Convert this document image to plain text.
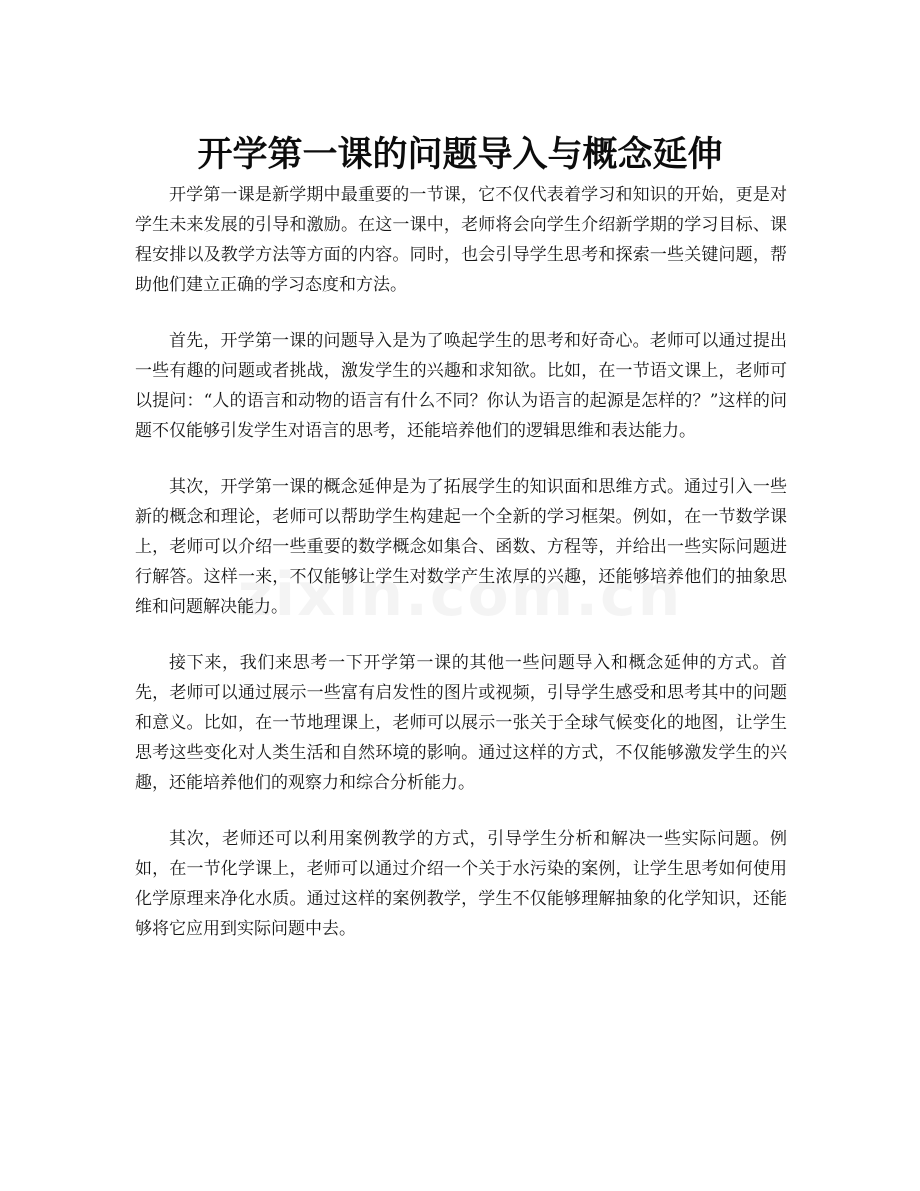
开学第一课的问题导入与概念延伸

开学第一课是新学期中最重要的一节课，它不仅代表着学习和知识的开始，更是对学生未来发展的引导和激励。在这一课中，老师将会向学生介绍新学期的学习目标、课程安排以及教学方法等方面的内容。同时，也会引导学生思考和探索一些关键问题，帮助他们建立正确的学习态度和方法。

首先，开学第一课的问题导入是为了唤起学生的思考和好奇心。老师可以通过提出一些有趣的问题或者挑战，激发学生的兴趣和求知欲。比如，在一节语文课上，老师可以提问：“人的语言和动物的语言有什么不同？你认为语言的起源是怎样的？”这样的问题不仅能够引发学生对语言的思考，还能培养他们的逻辑思维和表达能力。

其次，开学第一课的概念延伸是为了拓展学生的知识面和思维方式。通过引入一些新的概念和理论，老师可以帮助学生构建起一个全新的学习框架。例如，在一节数学课上，老师可以介绍一些重要的数学概念如集合、函数、方程等，并给出一些实际问题进行解答。这样一来，不仅能够让学生对数学产生浓厚的兴趣，还能够培养他们的抽象思维和问题解决能力。

接下来，我们来思考一下开学第一课的其他一些问题导入和概念延伸的方式。首先，老师可以通过展示一些富有启发性的图片或视频，引导学生感受和思考其中的问题和意义。比如，在一节地理课上，老师可以展示一张关于全球气候变化的地图，让学生思考这些变化对人类生活和自然环境的影响。通过这样的方式，不仅能够激发学生的兴趣，还能培养他们的观察力和综合分析能力。

其次，老师还可以利用案例教学的方式，引导学生分析和解决一些实际问题。例如，在一节化学课上，老师可以通过介绍一个关于水污染的案例，让学生思考如何使用化学原理来净化水质。通过这样的案例教学，学生不仅能够理解抽象的化学知识，还能够将它应用到实际问题中去。
